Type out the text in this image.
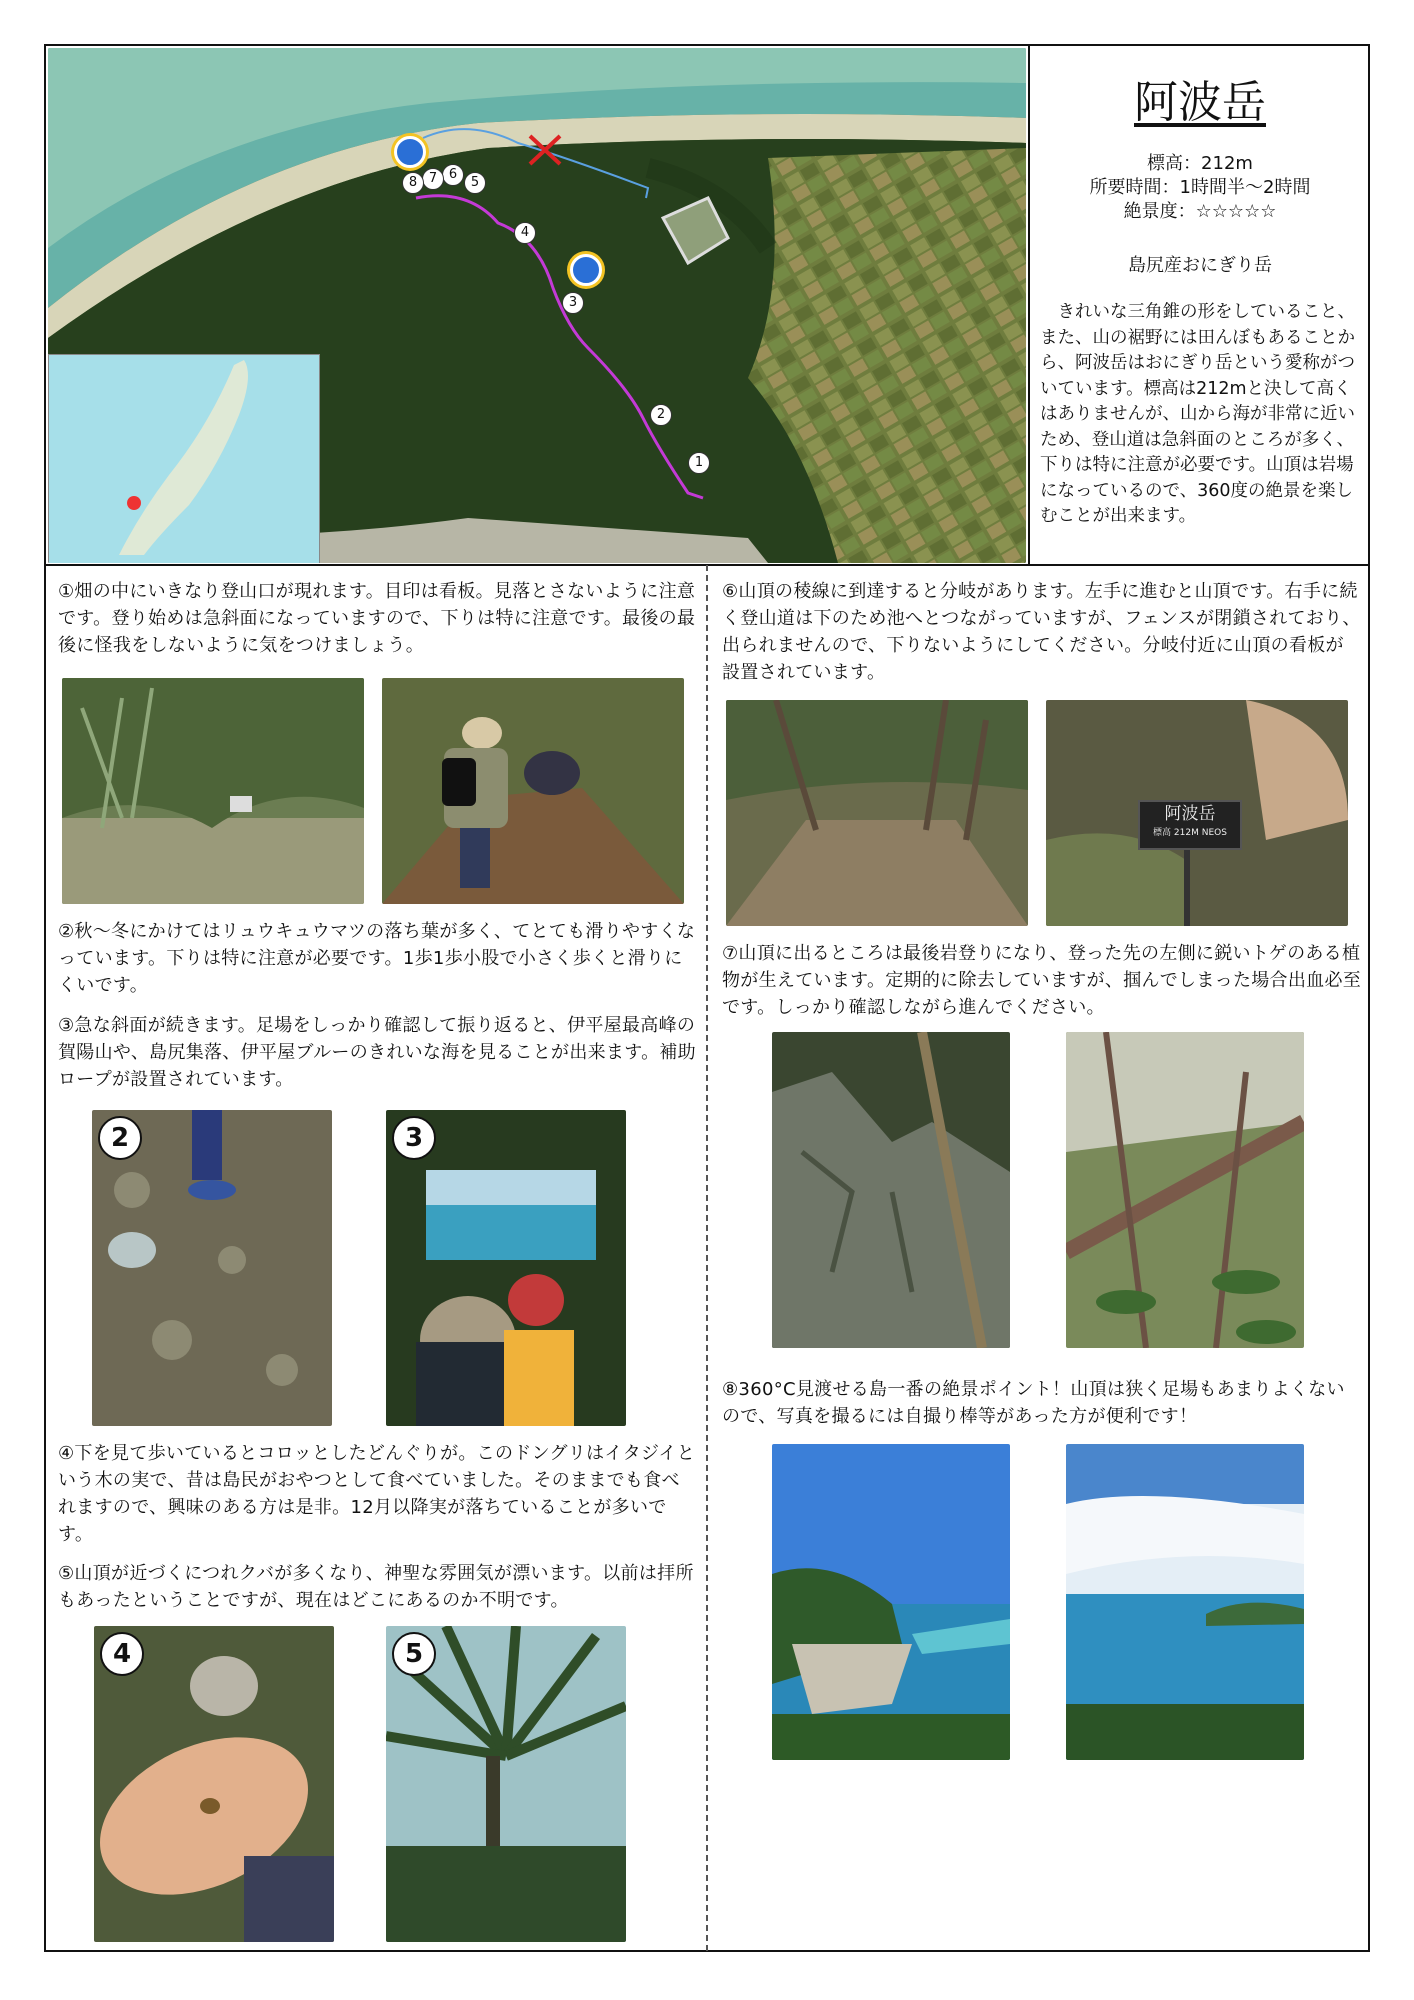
1
2
3
4
5
6
7
8
阿波岳
標高：212m
所要時間：1時間半〜2時間
絶景度：☆☆☆☆☆
島尻産おにぎり岳
きれいな三角錐の形をしていること、また、山の裾野には田んぼもあることから、阿波岳はおにぎり岳という愛称がついています。標高は212mと決して高くはありませんが、山から海が非常に近いため、登山道は急斜面のところが多く、下りは特に注意が必要です。山頂は岩場になっているので、360度の絶景を楽しむことが出来ます。
①畑の中にいきなり登山口が現れます。目印は看板。見落とさないように注意です。登り始めは急斜面になっていますので、下りは特に注意です。最後の最後に怪我をしないように気をつけましょう。
②秋〜冬にかけてはリュウキュウマツの落ち葉が多く、てとても滑りやすくなっています。下りは特に注意が必要です。1歩1歩小股で小さく歩くと滑りにくいです。
③急な斜面が続きます。足場をしっかり確認して振り返ると、伊平屋最高峰の賀陽山や、島尻集落、伊平屋ブルーのきれいな海を見ることが出来ます。補助ロープが設置されています。
2	3
④下を見て歩いているとコロッとしたどんぐりが。このドングリはイタジイという木の実で、昔は島民がおやつとして食べていました。そのままでも食べれますので、興味のある方は是非。12月以降実が落ちていることが多いです。
⑤山頂が近づくにつれクバが多くなり、神聖な雰囲気が漂います。以前は拝所もあったということですが、現在はどこにあるのか不明です。
4	5
⑥山頂の稜線に到達すると分岐があります。左手に進むと山頂です。右手に続く登山道は下のため池へとつながっていますが、フェンスが閉鎖されており、出られませんので、下りないようにしてください。分岐付近に山頂の看板が設置されています。
阿波岳
標高 212M NEOS
⑦山頂に出るところは最後岩登りになり、登った先の左側に鋭いトゲのある植物が生えています。定期的に除去していますが、掴んでしまった場合出血必至です。しっかり確認しながら進んでください。
⑧360°C見渡せる島一番の絶景ポイント！山頂は狭く足場もあまりよくないので、写真を撮るには自撮り棒等があった方が便利です！
